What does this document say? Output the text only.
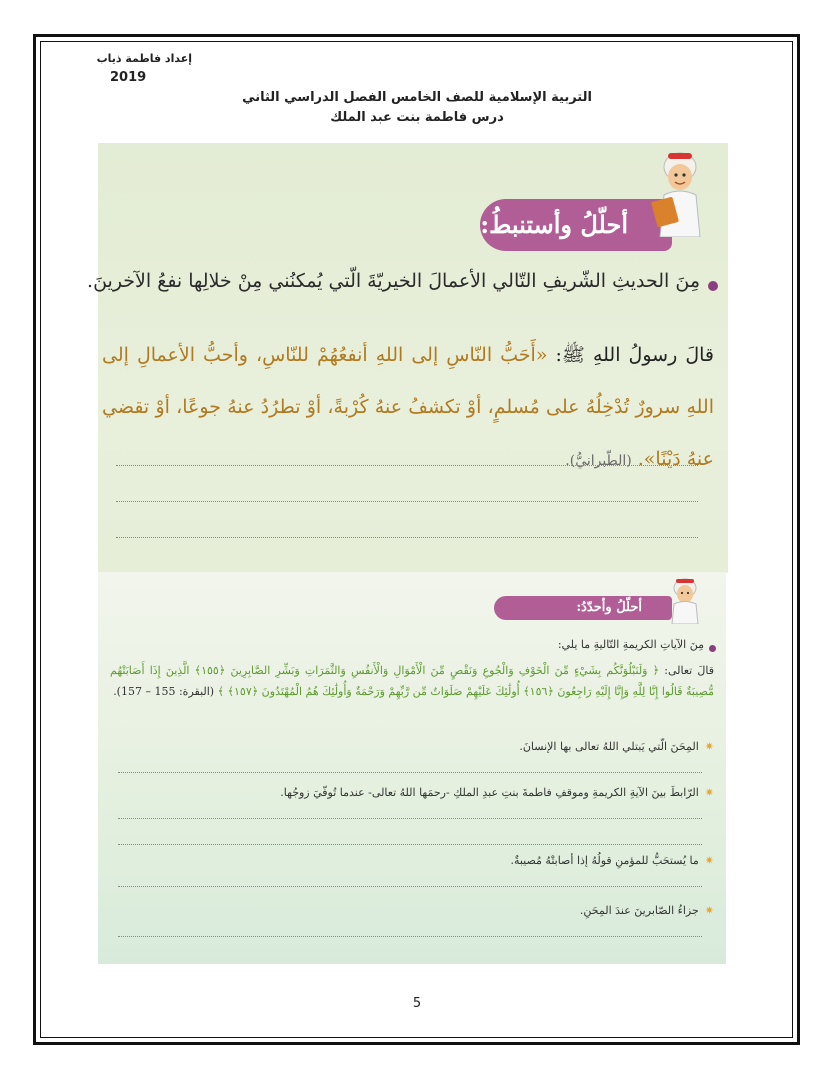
إعداد فاطمة ذياب
2019
التربية الإسلامية للصف الخامس الفصل الدراسي الثاني
درس فاطمة بنت عبد الملك
أحلّلُ وأستنبطُ:
مِنَ الحديثِ الشّريفِ التّالي الأعمالَ الخيريّةَ الّتي يُمكنُني مِنْ خلالِها نفعُ الآخرينَ.
قالَ رسولُ اللهِ ﷺ: «أَحَبُّ النّاسِ إلى اللهِ أنفعُهُمْ للنّاسِ، وأحبُّ الأعمالِ إلى اللهِ سرورٌ تُدْخِلُهُ على مُسلمٍ، أوْ تكشفُ عنهُ كُرْبةً، أوْ تطرُدُ عنهُ جوعًا، أوْ تقضي عنهُ دَيْنًا». (الطّبرانيُّ).
أحلّلُ وأحدّدُ:
مِنَ الآياتِ الكريمةِ التّاليةِ ما يلي:
قالَ تعالى: ﴿ وَلَنَبْلُوَنَّكُم بِشَيْءٍ مِّنَ الْخَوْفِ وَالْجُوعِ وَنَقْصٍ مِّنَ الْأَمْوَالِ وَالْأَنفُسِ وَالثَّمَرَاتِ وَبَشِّرِ الصَّابِرِينَ ﴿١٥٥﴾ الَّذِينَ إِذَا أَصَابَتْهُم مُّصِيبَةٌ قَالُوا إِنَّا لِلَّهِ وَإِنَّا إِلَيْهِ رَاجِعُونَ ﴿١٥٦﴾ أُولَٰئِكَ عَلَيْهِمْ صَلَوَاتٌ مِّن رَّبِّهِمْ وَرَحْمَةٌ وَأُولَٰئِكَ هُمُ الْمُهْتَدُونَ ﴿١٥٧﴾ ﴾ (البقرة: 155 – 157).
✷المِحَنَ الّتي يَبتلي اللهُ تعالى بها الإنسانَ.
✷الرّابطَ بينَ الآيةِ الكريمةِ وموقفِ فاطمةَ بنتِ عبدِ الملكِ -رحمَها اللهُ تعالى- عندما تُوفّيَ زوجُها.
✷ما يُستحَبُّ للمؤمنِ قولُهُ إذا أصابتْهُ مُصيبةٌ.
✷جزاءُ الصّابرينَ عندَ المِحَنِ.
5
